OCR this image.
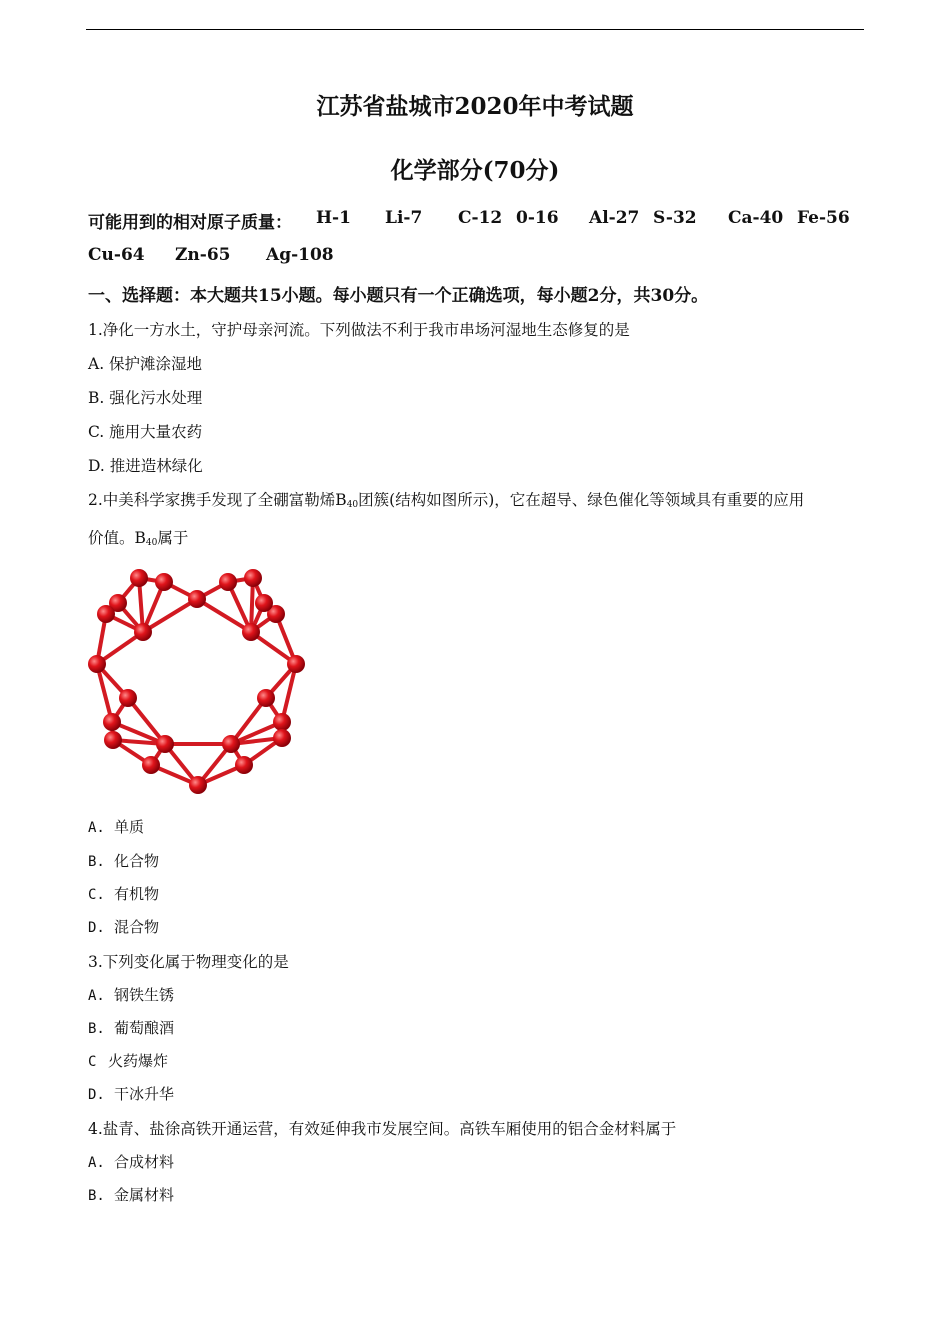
江苏省盐城市2020年中考试题
化学部分(70分)
可能用到的相对原子质量： H-1 Li-7 C-12 0-16 Al-27 S-32 Ca-40 Fe-56
Cu-64 Zn-65 Ag-108
一、选择题：本大题共15小题。每小题只有一个正确选项，每小题2分，共30分。
1.净化一方水土，守护母亲河流。下列做法不利于我市串场河湿地生态修复的是
A. 保护滩涂湿地
B. 强化污水处理
C. 施用大量农药
D. 推进造林绿化
2.中美科学家携手发现了全硼富勒烯$B_{40}$团簇(结构如图所示)，它在超导、绿色催化等领域具有重要的应用
价值。$B_{40}$属于
A. 单质
B. 化合物
C. 有机物
D. 混合物
3.下列变化属于物理变化的是
A. 钢铁生锈
B. 葡萄酿酒
C 火药爆炸
D. 干冰升华
4.盐青、盐徐高铁开通运营，有效延伸我市发展空间。高铁车厢使用的铝合金材料属于
A. 合成材料
B. 金属材料
